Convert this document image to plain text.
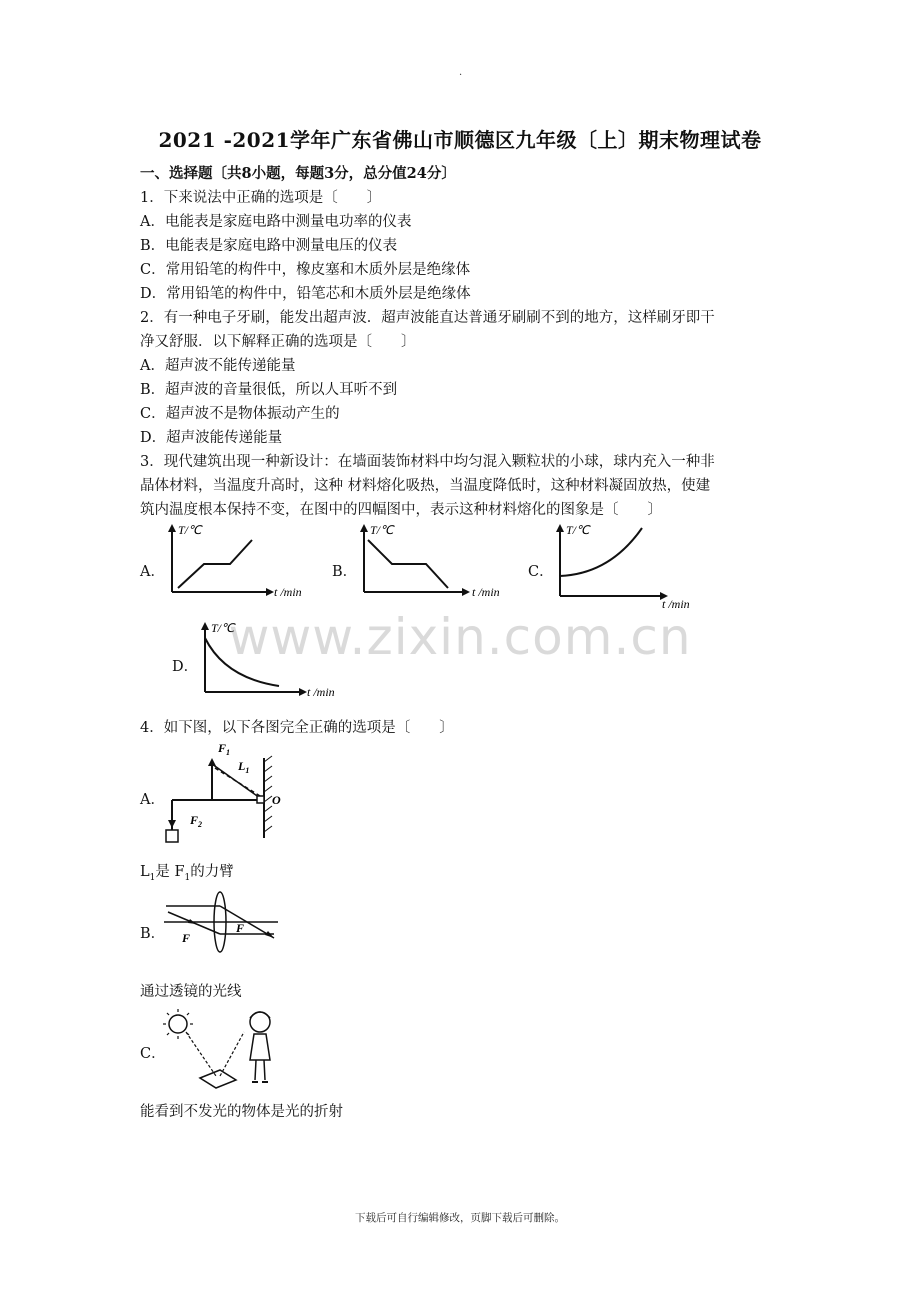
·
2021 -2021学年广东省佛山市顺德区九年级〔上〕期末物理试卷
一、选择题〔共8小题，每题3分，总分值24分〕
1．下来说法中正确的选项是〔　　〕
A．电能表是家庭电路中测量电功率的仪表
B．电能表是家庭电路中测量电压的仪表
C．常用铅笔的构件中，橡皮塞和木质外层是绝缘体
D．常用铅笔的构件中，铅笔芯和木质外层是绝缘体
2．有一种电子牙刷，能发出超声波．超声波能直达普通牙刷刷不到的地方，这样刷牙即干
净又舒服．以下解释正确的选项是〔　　〕
A．超声波不能传递能量
B．超声波的音量很低，所以人耳听不到
C．超声波不是物体振动产生的
D．超声波能传递能量
3．现代建筑出现一种新设计：在墙面装饰材料中均匀混入颗粒状的小球，球内充入一种非
晶体材料，当温度升高时，这种 材料熔化吸热，当温度降低时，这种材料凝固放热，使建
筑内温度根本保持不变，在图中的四幅图中，表示这种材料熔化的图象是〔　　〕
A．
T/℃
t /min
B．
T/℃
t /min
C．
T/℃
t /min
D．
T/℃
t /min
www.zixin.com.cn
4．如下图，以下各图完全正确的选项是〔　　〕
A．
$F_1$
$L_1$
$F_2$
O
$L_1$是 $F_1$的力臂
B． F
F
通过透镜的光线
C．
能看到不发光的物体是光的折射
下载后可自行编辑修改，页脚下载后可删除。
